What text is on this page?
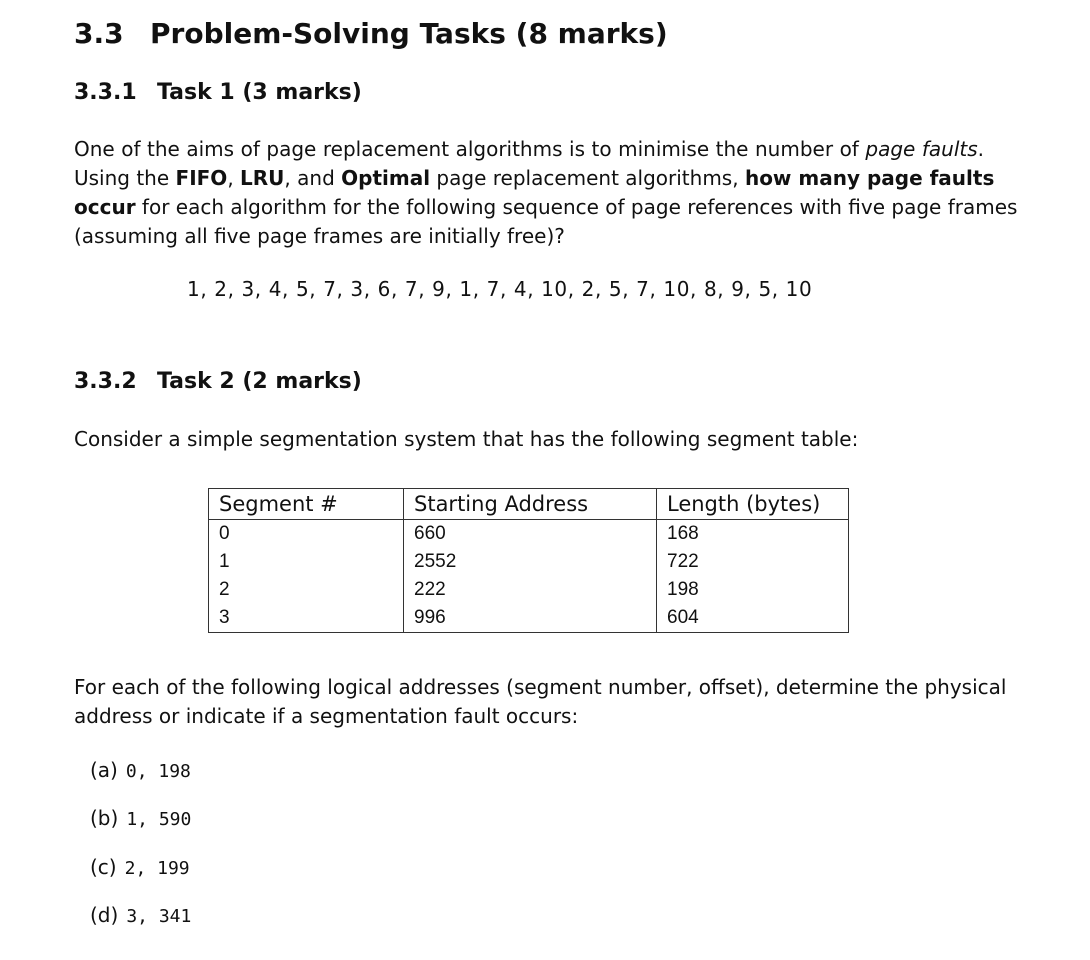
3.3 Problem-Solving Tasks (8 marks)
3.3.1 Task 1 (3 marks)
One of the aims of page replacement algorithms is to minimise the number of page faults.
Using the FIFO, LRU, and Optimal page replacement algorithms, how many page faults
occur for each algorithm for the following sequence of page references with five page frames
(assuming all five page frames are initially free)?
1, 2, 3, 4, 5, 7, 3, 6, 7, 9, 1, 7, 4, 10, 2, 5, 7, 10, 8, 9, 5, 10
3.3.2 Task 2 (2 marks)
Consider a simple segmentation system that has the following segment table:
Segment #	Starting Address	Length (bytes)
0	660	168
1	2552	722
2	222	198
3	996	604
For each of the following logical addresses (segment number, offset), determine the physical
address or indicate if a segmentation fault occurs:
(a) 0, 198
(b) 1, 590
(c) 2, 199
(d) 3, 341
